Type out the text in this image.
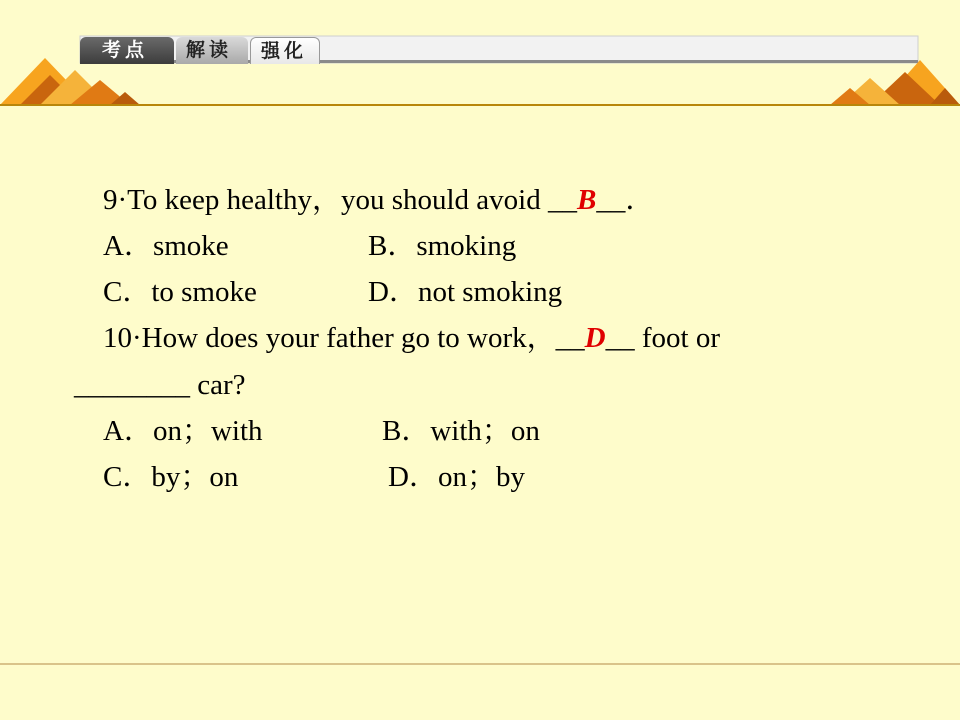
考点	解读	强化
9·To keep healthy，you should avoid __B__．
A．smoke	B．smoking
C．to smoke	D．not smoking
10·How does your father go to work，__D__ foot or
________ car?
A．on；with	B．with；on
C．by；on	D．on；by
